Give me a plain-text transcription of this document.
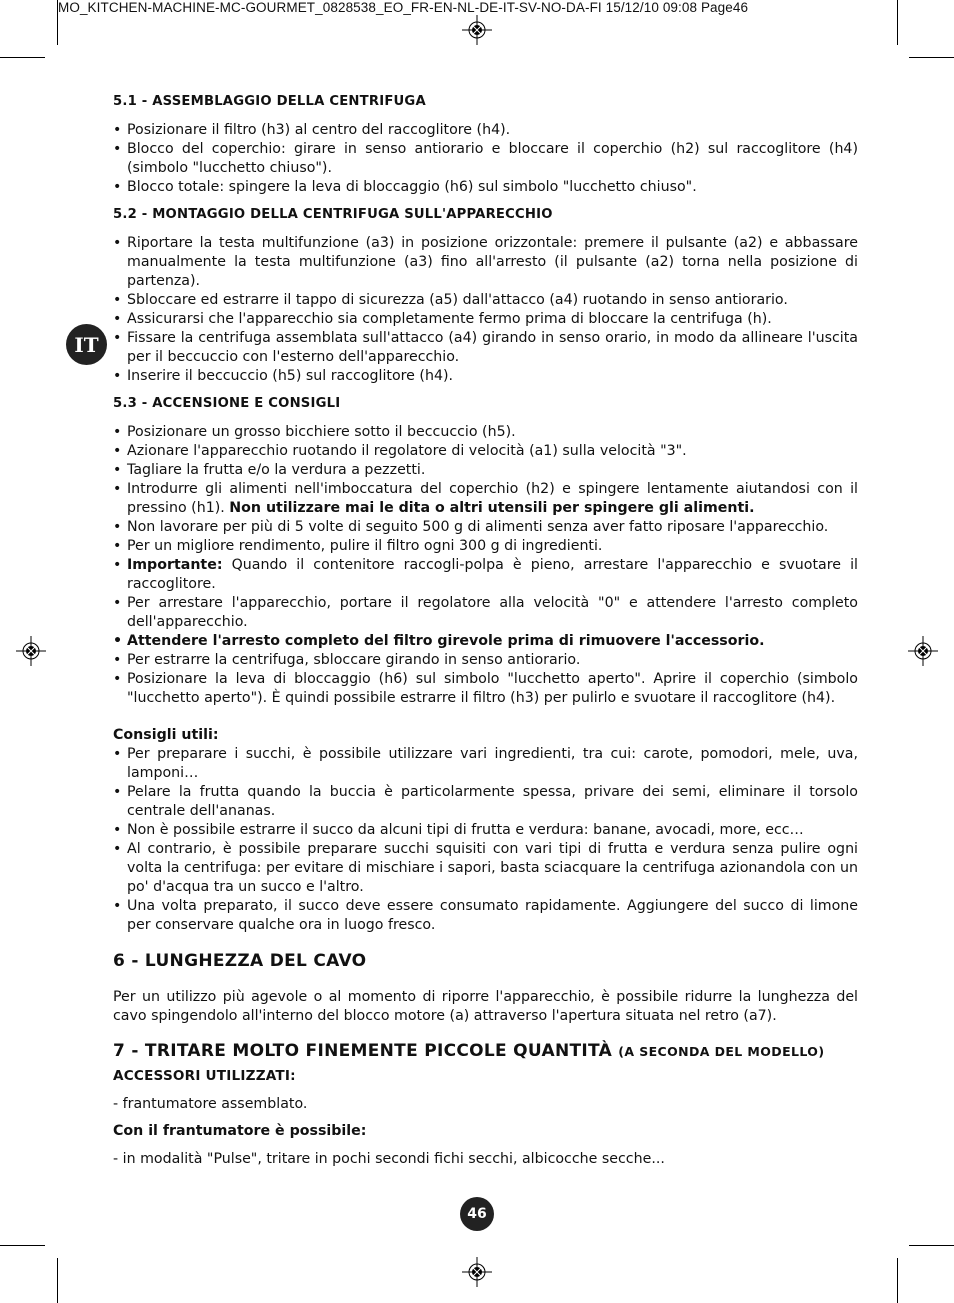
MO_KITCHEN-MACHINE-MC-GOURMET_0828538_EO_FR-EN-NL-DE-IT-SV-NO-DA-FI 15/12/10 09:08 Page46
IT
5.1 - ASSEMBLAGGIO DELLA CENTRIFUGA
• Posizionare il filtro (h3) al centro del raccoglitore (h4).
• Blocco del coperchio: girare in senso antiorario e bloccare il coperchio (h2) sul raccoglitore (h4) (simbolo "lucchetto chiuso").
• Blocco totale: spingere la leva di bloccaggio (h6) sul simbolo "lucchetto chiuso".
5.2 - MONTAGGIO DELLA CENTRIFUGA SULL'APPARECCHIO
• Riportare la testa multifunzione (a3) in posizione orizzontale: premere il pulsante (a2) e abbassare manualmente la testa multifunzione (a3) fino all'arresto (il pulsante (a2) torna nella posizione di partenza).
• Sbloccare ed estrarre il tappo di sicurezza (a5) dall'attacco (a4) ruotando in senso antiorario.
• Assicurarsi che l'apparecchio sia completamente fermo prima di bloccare la centrifuga (h).
• Fissare la centrifuga assemblata sull'attacco (a4) girando in senso orario, in modo da allineare l'uscita per il beccuccio con l'esterno dell'apparecchio.
• Inserire il beccuccio (h5) sul raccoglitore (h4).
5.3 - ACCENSIONE E CONSIGLI
• Posizionare un grosso bicchiere sotto il beccuccio (h5).
• Azionare l'apparecchio ruotando il regolatore di velocità (a1) sulla velocità "3".
• Tagliare la frutta e/o la verdura a pezzetti.
• Introdurre gli alimenti nell'imboccatura del coperchio (h2) e spingere lentamente aiutandosi con il pressino (h1). Non utilizzare mai le dita o altri utensili per spingere gli alimenti.
• Non lavorare per più di 5 volte di seguito 500 g di alimenti senza aver fatto riposare l'apparecchio.
• Per un migliore rendimento, pulire il filtro ogni 300 g di ingredienti.
• Importante: Quando il contenitore raccogli-polpa è pieno, arrestare l'apparecchio e svuotare il raccoglitore.
• Per arrestare l'apparecchio, portare il regolatore alla velocità "0" e attendere l'arresto completo dell'apparecchio.
• Attendere l'arresto completo del filtro girevole prima di rimuovere l'accessorio.
• Per estrarre la centrifuga, sbloccare girando in senso antiorario.
• Posizionare la leva di bloccaggio (h6) sul simbolo "lucchetto aperto". Aprire il coperchio (simbolo "lucchetto aperto"). È quindi possibile estrarre il filtro (h3) per pulirlo e svuotare il raccoglitore (h4).
Consigli utili:
• Per preparare i succhi, è possibile utilizzare vari ingredienti, tra cui: carote, pomodori, mele, uva, lamponi…
• Pelare la frutta quando la buccia è particolarmente spessa, privare dei semi, eliminare il torsolo centrale dell'ananas.
• Non è possibile estrarre il succo da alcuni tipi di frutta e verdura: banane, avocadi, more, ecc…
• Al contrario, è possibile preparare succhi squisiti con vari tipi di frutta e verdura senza pulire ogni volta la centrifuga: per evitare di mischiare i sapori, basta sciacquare la centrifuga azionandola con un po' d'acqua tra un succo e l'altro.
• Una volta preparato, il succo deve essere consumato rapidamente. Aggiungere del succo di limone per conservare qualche ora in luogo fresco.
6 - LUNGHEZZA DEL CAVO

Per un utilizzo più agevole o al momento di riporre l'apparecchio, è possibile ridurre la lunghezza del cavo spingendolo all'interno del blocco motore (a) attraverso l'apertura situata nel retro (a7).

7 - TRITARE MOLTO FINEMENTE PICCOLE QUANTITÀ (A SECONDA DEL MODELLO)
ACCESSORI UTILIZZATI:

- frantumatore assemblato.

Con il frantumatore è possibile:

- in modalità "Pulse", tritare in pochi secondi fichi secchi, albicocche secche...

46
